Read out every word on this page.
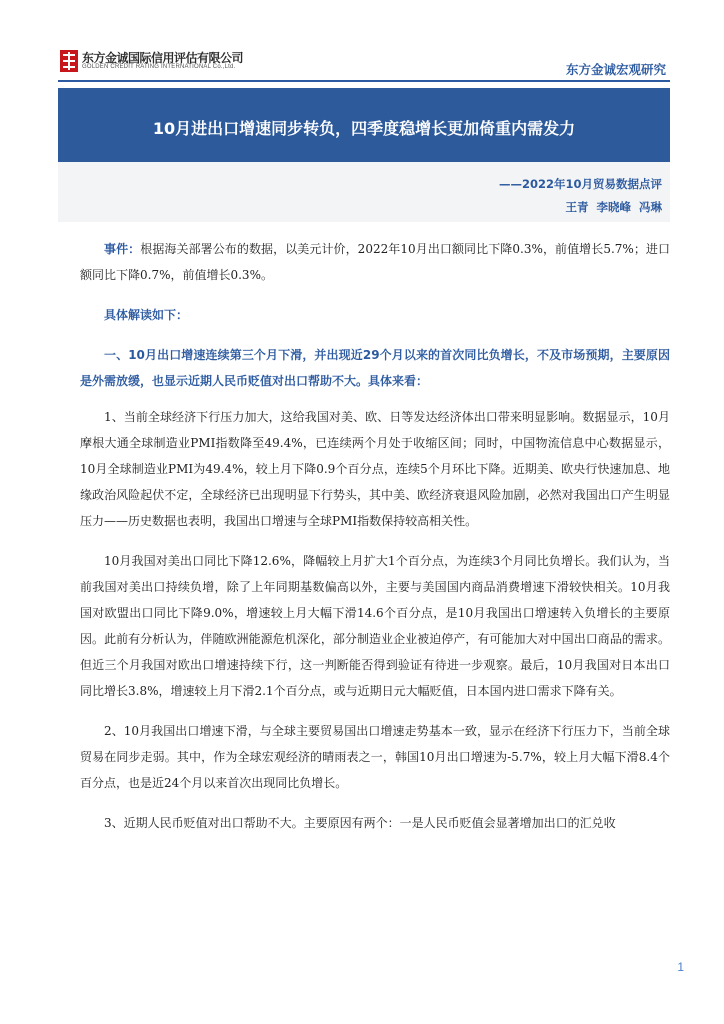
东方金诚国际信用评估有限公司
GOLDEN CREDIT RATING INTERNATIONAL Co.,Ltd.	东方金诚宏观研究
10月进出口增速同步转负，四季度稳增长更加倚重内需发力
——2022年10月贸易数据点评
王青 李晓峰 冯琳

事件：根据海关部署公布的数据，以美元计价，2022年10月出口额同比下降0.3%，前值增长5.7%；进口额同比下降0.7%，前值增长0.3%。

具体解读如下：

一、10月出口增速连续第三个月下滑，并出现近29个月以来的首次同比负增长，不及市场预期，主要原因是外需放缓，也显示近期人民币贬值对出口帮助不大。具体来看：

1、当前全球经济下行压力加大，这给我国对美、欧、日等发达经济体出口带来明显影响。数据显示，10月摩根大通全球制造业PMI指数降至49.4%，已连续两个月处于收缩区间；同时，中国物流信息中心数据显示，10月全球制造业PMI为49.4%，较上月下降0.9个百分点，连续5个月环比下降。近期美、欧央行快速加息、地缘政治风险起伏不定，全球经济已出现明显下行势头，其中美、欧经济衰退风险加剧，必然对我国出口产生明显压力——历史数据也表明，我国出口增速与全球PMI指数保持较高相关性。

10月我国对美出口同比下降12.6%，降幅较上月扩大1个百分点，为连续3个月同比负增长。我们认为，当前我国对美出口持续负增，除了上年同期基数偏高以外，主要与美国国内商品消费增速下滑较快相关。10月我国对欧盟出口同比下降9.0%，增速较上月大幅下滑14.6个百分点，是10月我国出口增速转入负增长的主要原因。此前有分析认为，伴随欧洲能源危机深化，部分制造业企业被迫停产，有可能加大对中国出口商品的需求。但近三个月我国对欧出口增速持续下行，这一判断能否得到验证有待进一步观察。最后，10月我国对日本出口同比增长3.8%，增速较上月下滑2.1个百分点，或与近期日元大幅贬值，日本国内进口需求下降有关。

2、10月我国出口增速下滑，与全球主要贸易国出口增速走势基本一致，显示在经济下行压力下，当前全球贸易在同步走弱。其中，作为全球宏观经济的晴雨表之一，韩国10月出口增速为-5.7%，较上月大幅下滑8.4个百分点，也是近24个月以来首次出现同比负增长。

3、近期人民币贬值对出口帮助不大。主要原因有两个：一是人民币贬值会显著增加出口的汇兑收

1
